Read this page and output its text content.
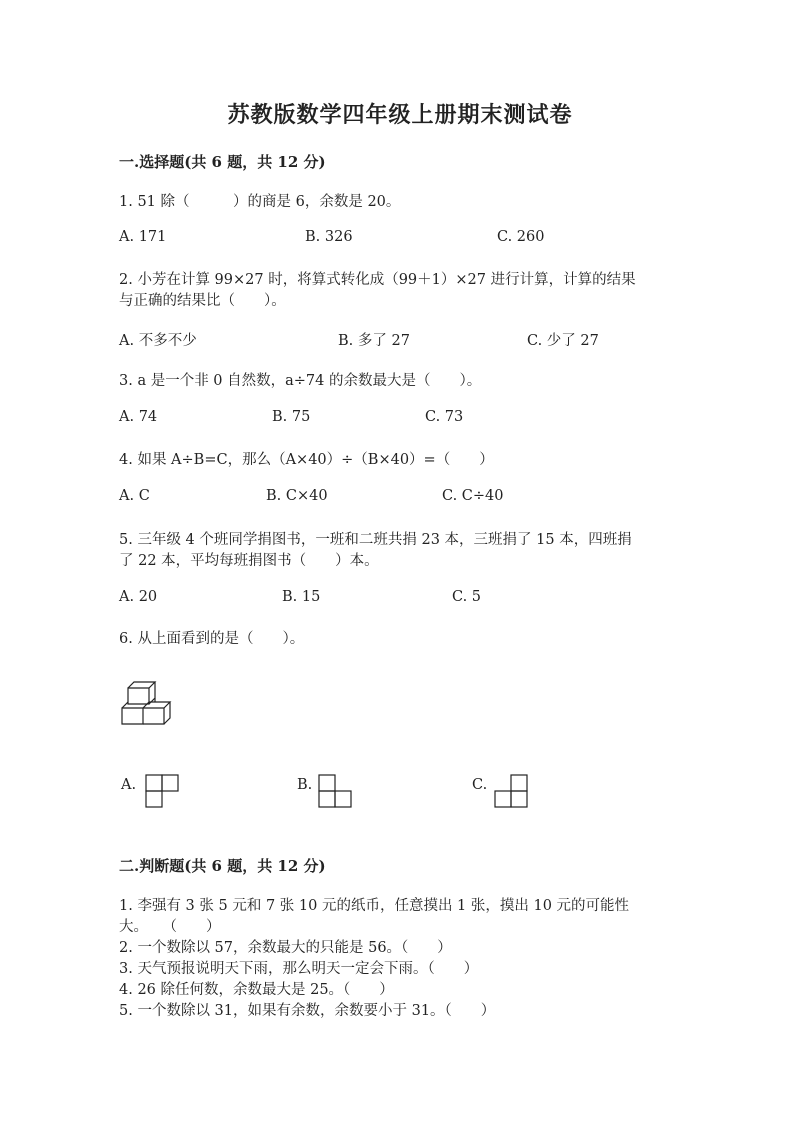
苏教版数学四年级上册期末测试卷
一.选择题(共 6 题，共 12 分)
1. 51 除（　　　）的商是 6，余数是 20。
A. 171	B. 326	C. 260
2. 小芳在计算 99×27 时，将算式转化成（99＋1）×27 进行计算，计算的结果
与正确的结果比（　　）。
A. 不多不少	B. 多了 27	C. 少了 27
3. a 是一个非 0 自然数，a÷74 的余数最大是（　　）。
A. 74	B. 75	C. 73
4. 如果 A÷B=C，那么（A×40）÷（B×40）=（　　）
A. C	B. C×40	C. C÷40
5. 三年级 4 个班同学捐图书，一班和二班共捐 23 本，三班捐了 15 本，四班捐
了 22 本，平均每班捐图书（　　）本。
A. 20	B. 15	C. 5
6. 从上面看到的是（　　）。
A.	B.	C.
二.判断题(共 6 题，共 12 分)
1. 李强有 3 张 5 元和 7 张 10 元的纸币，任意摸出 1 张，摸出 10 元的可能性
大。　　（　　）
2. 一个数除以 57，余数最大的只能是 56。（　　）
3. 天气预报说明天下雨，那么明天一定会下雨。（　　）
4. 26 除任何数，余数最大是 25。（　　）
5. 一个数除以 31，如果有余数，余数要小于 31。（　　）
